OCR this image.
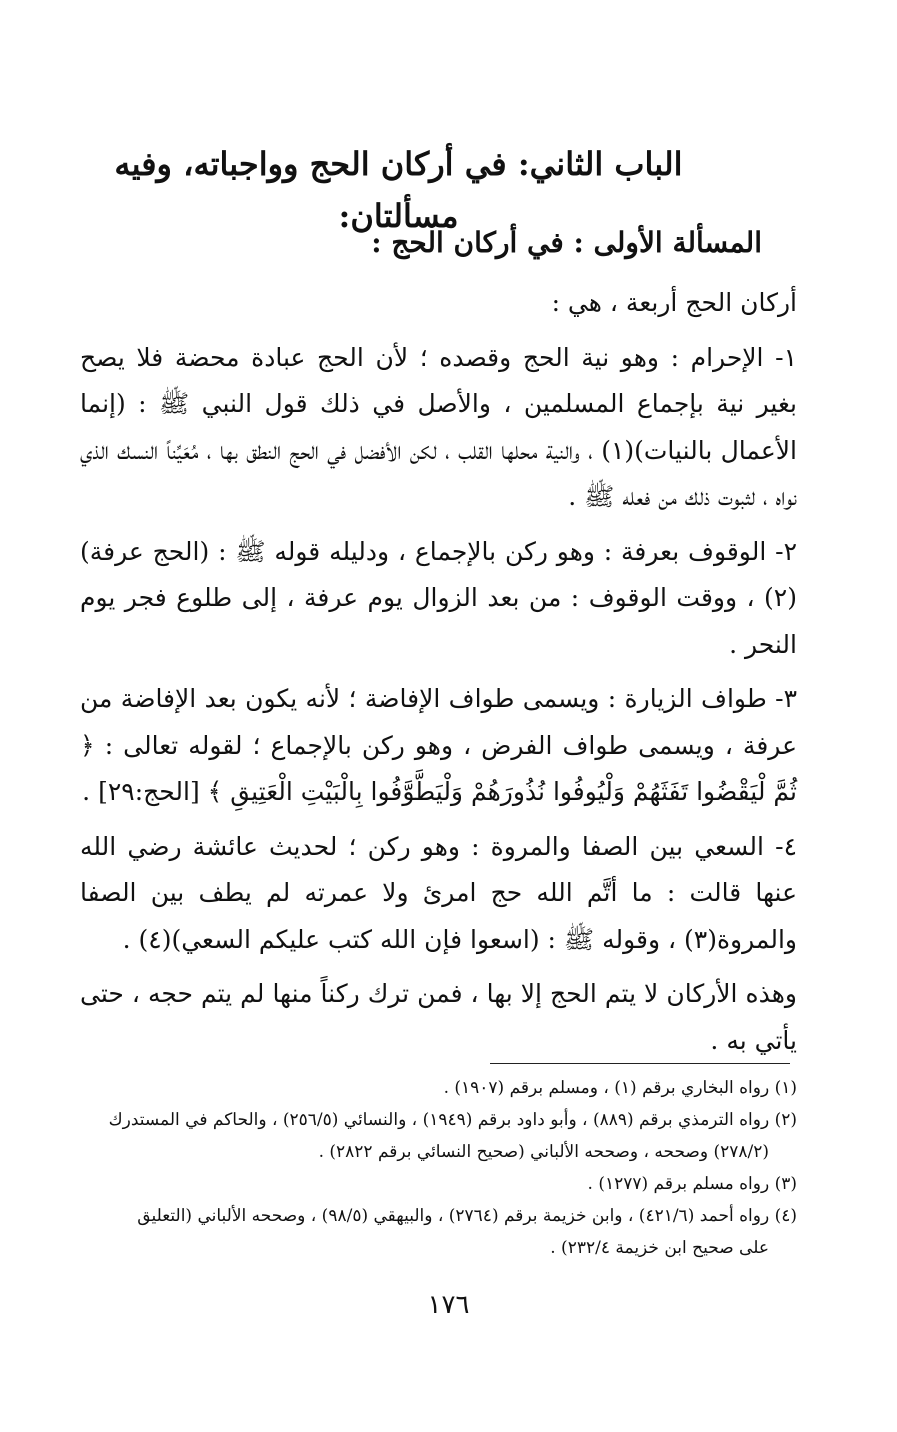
الباب الثاني: في أركان الحج وواجباته، وفيه مسألتان:
المسألة الأولى : في أركان الحج :

أركان الحج أربعة ، هي :

١- الإحرام : وهو نية الحج وقصده ؛ لأن الحج عبادة محضة فلا يصح بغير نية بإجماع المسلمين ، والأصل في ذلك قول النبي ﷺ : (إنما الأعمال بالنيات)(١) ، والنية محلها القلب ، لكن الأفضل في الحج النطق بها ، مُعَيِّناً النسك الذي نواه ، لثبوت ذلك من فعله ﷺ .

٢- الوقوف بعرفة : وهو ركن بالإجماع ، ودليله قوله ﷺ : (الحج عرفة)(٢) ، ووقت الوقوف : من بعد الزوال يوم عرفة ، إلى طلوع فجر يوم النحر .

٣- طواف الزيارة : ويسمى طواف الإفاضة ؛ لأنه يكون بعد الإفاضة من عرفة ، ويسمى طواف الفرض ، وهو ركن بالإجماع ؛ لقوله تعالى : ﴿ ثُمَّ لْيَقْضُوا تَفَثَهُمْ وَلْيُوفُوا نُذُورَهُمْ وَلْيَطَّوَّفُوا بِالْبَيْتِ الْعَتِيقِ ﴾ [الحج:٢٩] .

٤- السعي بين الصفا والمروة : وهو ركن ؛ لحديث عائشة رضي الله عنها قالت : ما أتَّم الله حج امرئ ولا عمرته لم يطف بين الصفا والمروة(٣) ، وقوله ﷺ : (اسعوا فإن الله كتب عليكم السعي)(٤) .

وهذه الأركان لا يتم الحج إلا بها ، فمن ترك ركناً منها لم يتم حجه ، حتى يأتي به .

(١) رواه البخاري برقم (١) ، ومسلم برقم (١٩٠٧) .

(٢) رواه الترمذي برقم (٨٨٩) ، وأبو داود برقم (١٩٤٩) ، والنسائي (٢٥٦/٥) ، والحاكم في المستدرك

(٢٧٨/٢) وصححه ، وصححه الألباني (صحيح النسائي برقم ٢٨٢٢) .

(٣) رواه مسلم برقم (١٢٧٧) .

(٤) رواه أحمد (٤٢١/٦) ، وابن خزيمة برقم (٢٧٦٤) ، والبيهقي (٩٨/٥) ، وصححه الألباني (التعليق

على صحيح ابن خزيمة ٢٣٢/٤) .

١٧٦
